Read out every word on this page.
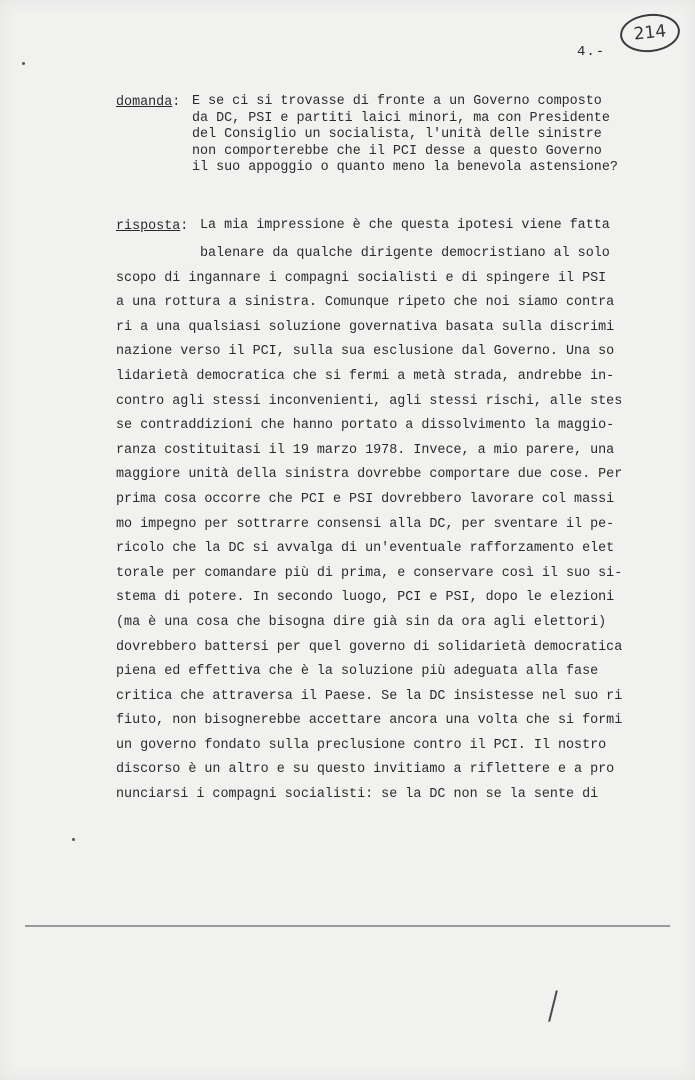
214
4.-
domanda: E se ci si trovasse di fronte a un Governo composto
da DC, PSI e partiti laici minori, ma con Presidente
del Consiglio un socialista, l'unità delle sinistre
non comporterebbe che il PCI desse a questo Governo
il suo appoggio o quanto meno la benevola astensione?
risposta: La mia impressione è che questa ipotesi viene fatta
balenare da qualche dirigente democristiano al solo
scopo di ingannare i compagni socialisti e di spingere il PSI
a una rottura a sinistra. Comunque ripeto che noi siamo contra
ri a una qualsiasi soluzione governativa basata sulla discrimi
nazione verso il PCI, sulla sua esclusione dal Governo. Una so
lidarietà democratica che si fermi a metà strada, andrebbe in-
contro agli stessi inconvenienti, agli stessi rischi, alle stes
se contraddizioni che hanno portato a dissolvimento la maggio-
ranza costituitasi il 19 marzo 1978. Invece, a mio parere, una
maggiore unità della sinistra dovrebbe comportare due cose. Per
prima cosa occorre che PCI e PSI dovrebbero lavorare col massi
mo impegno per sottrarre consensi alla DC, per sventare il pe-
ricolo che la DC si avvalga di un'eventuale rafforzamento elet
torale per comandare più di prima, e conservare così il suo si-
stema di potere. In secondo luogo, PCI e PSI, dopo le elezioni
(ma è una cosa che bisogna dire già sin da ora agli elettori)
dovrebbero battersi per quel governo di solidarietà democratica
piena ed effettiva che è la soluzione più adeguata alla fase
critica che attraversa il Paese. Se la DC insistesse nel suo ri
fiuto, non bisognerebbe accettare ancora una volta che si formi
un governo fondato sulla preclusione contro il PCI. Il nostro
discorso è un altro e su questo invitiamo a riflettere e a pro
nunciarsi i compagni socialisti: se la DC non se la sente di
